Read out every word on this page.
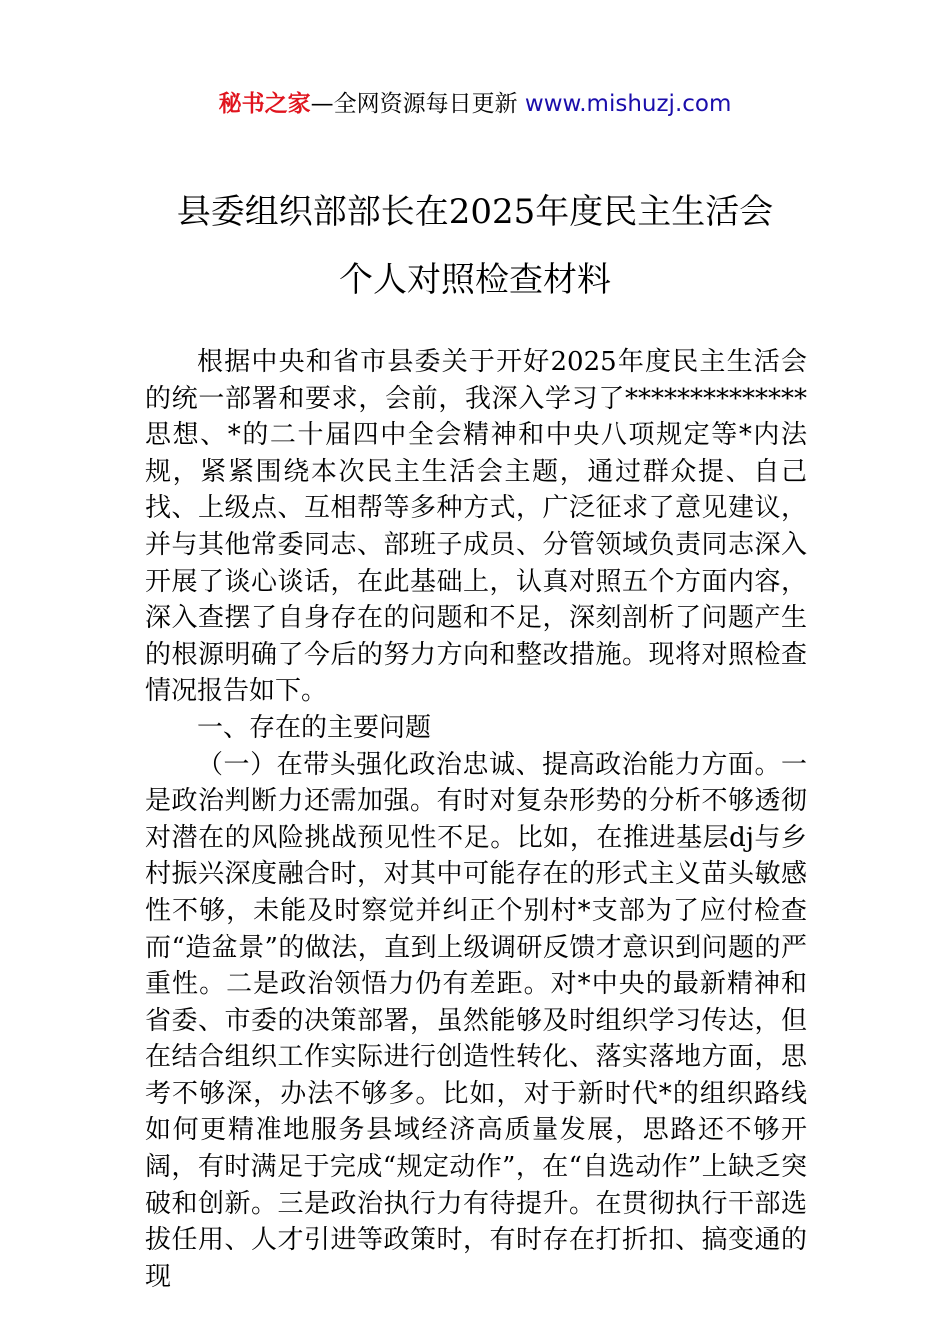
秘书之家—全网资源每日更新 www.mishuzj.com
县委组织部部长在2025年度民主生活会
个人对照检查材料

根据中央和省市县委关于开好2025年度民主生活会的统一部署和要求，会前，我深入学习了**************思想、*的二十届四中全会精神和中央八项规定等*内法规，紧紧围绕本次民主生活会主题，通过群众提、自己找、上级点、互相帮等多种方式，广泛征求了意见建议，并与其他常委同志、部班子成员、分管领域负责同志深入开展了谈心谈话，在此基础上，认真对照五个方面内容，深入查摆了自身存在的问题和不足，深刻剖析了问题产生的根源明确了今后的努力方向和整改措施。现将对照检查情况报告如下。

一、存在的主要问题

（一）在带头强化政治忠诚、提高政治能力方面。一是政治判断力还需加强。有时对复杂形势的分析不够透彻对潜在的风险挑战预见性不足。比如，在推进基层dj与乡村振兴深度融合时，对其中可能存在的形式主义苗头敏感性不够，未能及时察觉并纠正个别村*支部为了应付检查而“造盆景”的做法，直到上级调研反馈才意识到问题的严重性。二是政治领悟力仍有差距。对*中央的最新精神和省委、市委的决策部署，虽然能够及时组织学习传达，但在结合组织工作实际进行创造性转化、落实落地方面，思考不够深，办法不够多。比如，对于新时代*的组织路线如何更精准地服务县域经济高质量发展，思路还不够开阔，有时满足于完成“规定动作”，在“自选动作”上缺乏突破和创新。三是政治执行力有待提升。在贯彻执行干部选拔任用、人才引进等政策时，有时存在打折扣、搞变通的现
